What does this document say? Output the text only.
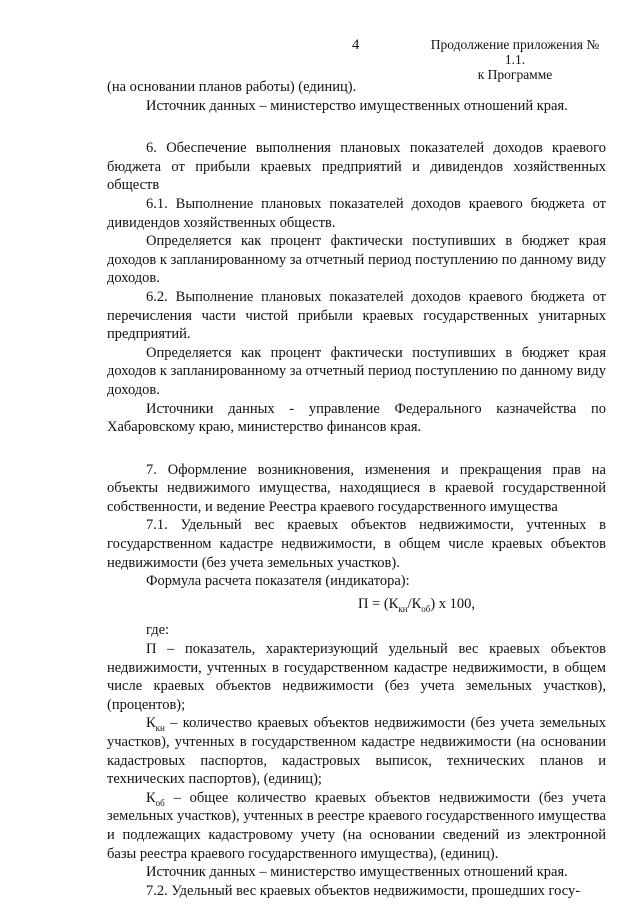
4	Продолжение приложения № 1.1.
к Программе

(на основании планов работы) (единиц).

Источник данных – министерство имущественных отношений края.

6. Обеспечение выполнения плановых показателей доходов краевого бюджета от прибыли краевых предприятий и дивидендов хозяйственных обществ

6.1. Выполнение плановых показателей доходов краевого бюджета от дивидендов хозяйственных обществ.

Определяется как процент фактически поступивших в бюджет края доходов к запланированному за отчетный период поступлению по данному виду доходов.

6.2. Выполнение плановых показателей доходов краевого бюджета от перечисления части чистой прибыли краевых государственных унитарных предприятий.

Определяется как процент фактически поступивших в бюджет края доходов к запланированному за отчетный период поступлению по данному виду доходов.

Источники данных - управление Федерального казначейства по Хабаровскому краю, министерство финансов края.

7. Оформление возникновения, изменения и прекращения прав на объекты недвижимого имущества, находящиеся в краевой государственной собственности, и ведение Реестра краевого государственного имущества

7.1. Удельный вес краевых объектов недвижимости, учтенных в государственном кадастре недвижимости, в общем числе краевых объектов недвижимости (без учета земельных участков).

Формула расчета показателя (индикатора):

$П = (К_{кн}/К_{об})$ х 100,

где:

П – показатель, характеризующий удельный вес краевых объектов недвижимости, учтенных в государственном кадастре недвижимости, в общем числе краевых объектов недвижимости (без учета земельных участков), (процентов);

$К_{кн}$ – количество краевых объектов недвижимости (без учета земельных участков), учтенных в государственном кадастре недвижимости (на основании кадастровых паспортов, кадастровых выписок, технических планов и технических паспортов), (единиц);

$К_{об}$ – общее количество краевых объектов недвижимости (без учета земельных участков), учтенных в реестре краевого государственного имущества и подлежащих кадастровому учету (на основании сведений из электронной базы реестра краевого государственного имущества), (единиц).

Источник данных – министерство имущественных отношений края.

7.2. Удельный вес краевых объектов недвижимости, прошедших госу-
